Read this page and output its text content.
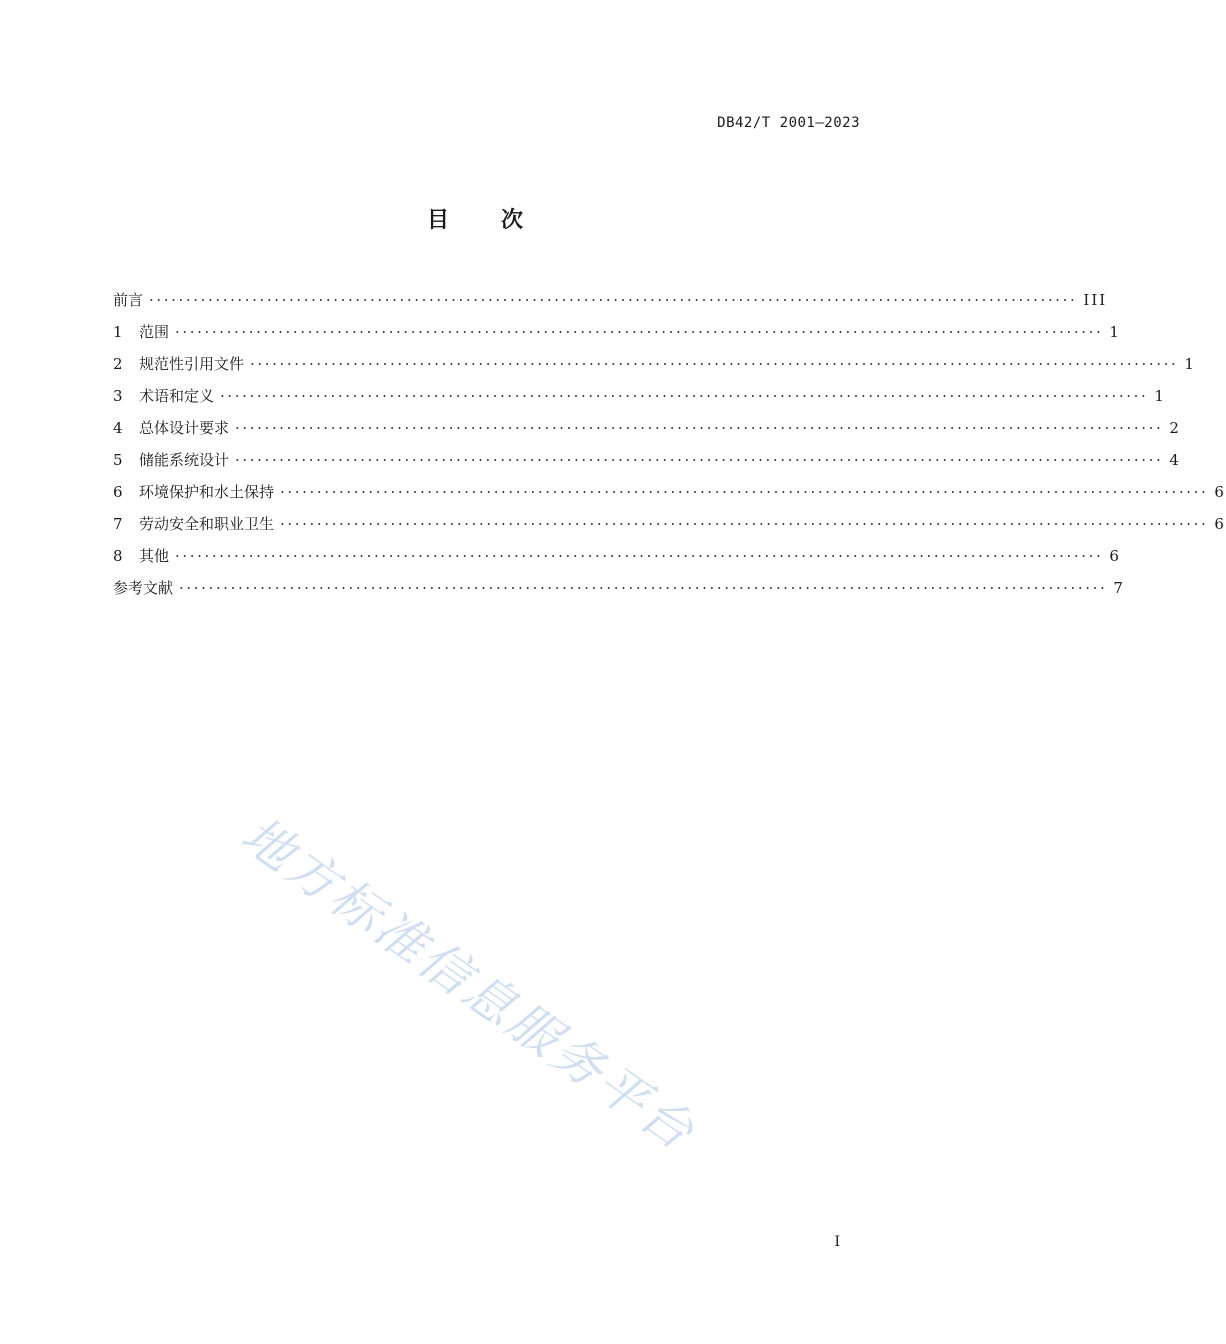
DB42/T 2001—2023
目 次
前言 ······························································································································ III
1	范围 ······························································································································ 1
2	规范性引用文件 ······························································································································ 1
3	术语和定义 ······························································································································ 1
4	总体设计要求 ······························································································································ 2
5	储能系统设计 ······························································································································ 4
6	环境保护和水土保持 ······························································································································ 6
7	劳动安全和职业卫生 ······························································································································ 6
8	其他 ······························································································································ 6
参考文献 ······························································································································ 7
地方标准信息服务平台
I
